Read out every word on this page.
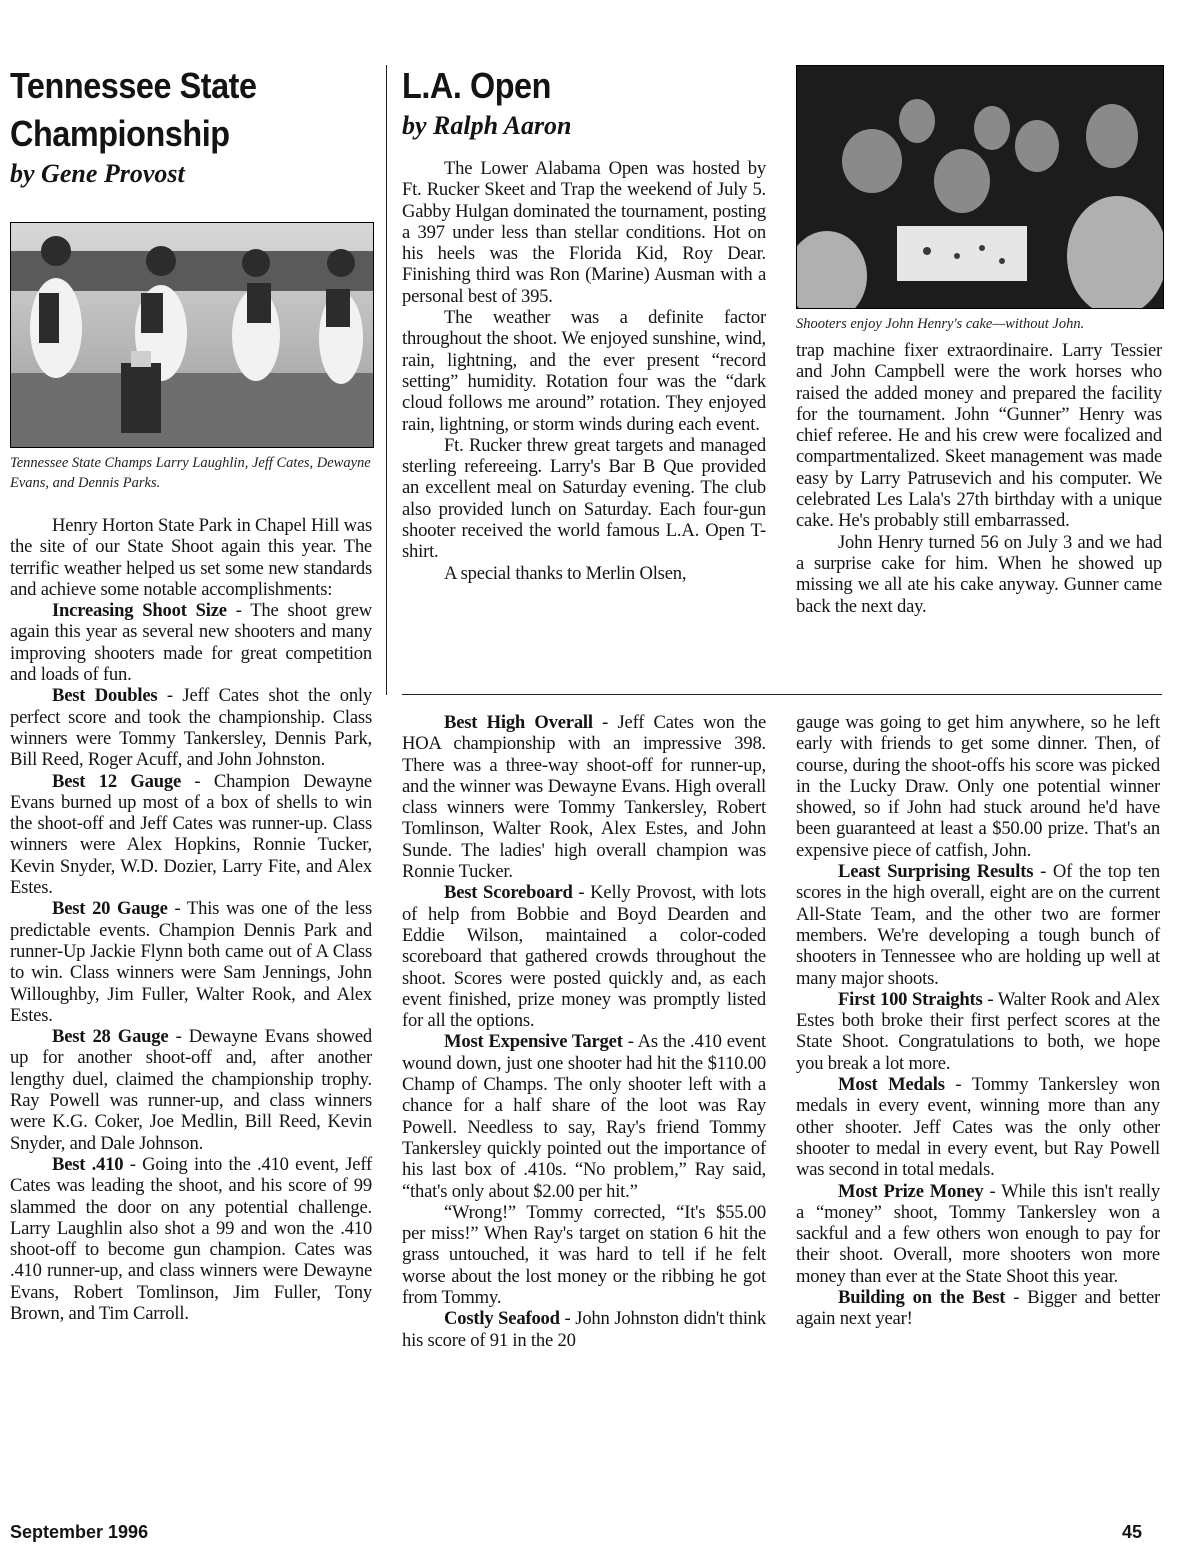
Tennessee State
Championship
by Gene Provost
Tennessee State Champs Larry Laughlin, Jeff Cates, Dewayne Evans, and Dennis Parks.

Henry Horton State Park in Chapel Hill was the site of our State Shoot again this year. The terrific weather helped us set some new standards and achieve some notable accomplishments:

Increasing Shoot Size - The shoot grew again this year as several new shooters and many improving shooters made for great competition and loads of fun.

Best Doubles - Jeff Cates shot the only perfect score and took the championship. Class winners were Tommy Tankersley, Dennis Park, Bill Reed, Roger Acuff, and John Johnston.

Best 12 Gauge - Champion Dewayne Evans burned up most of a box of shells to win the shoot-off and Jeff Cates was runner-up. Class winners were Alex Hopkins, Ronnie Tucker, Kevin Snyder, W.D. Dozier, Larry Fite, and Alex Estes.

Best 20 Gauge - This was one of the less predictable events. Champion Dennis Park and runner-Up Jackie Flynn both came out of A Class to win. Class winners were Sam Jennings, John Willoughby, Jim Fuller, Walter Rook, and Alex Estes.

Best 28 Gauge - Dewayne Evans showed up for another shoot-off and, after another lengthy duel, claimed the championship trophy. Ray Powell was runner-up, and class winners were K.G. Coker, Joe Medlin, Bill Reed, Kevin Snyder, and Dale Johnson.

Best .410 - Going into the .410 event, Jeff Cates was leading the shoot, and his score of 99 slammed the door on any potential challenge. Larry Laughlin also shot a 99 and won the .410 shoot-off to become gun champion. Cates was .410 runner-up, and class winners were Dewayne Evans, Robert Tomlinson, Jim Fuller, Tony Brown, and Tim Carroll.

L.A. Open
by Ralph Aaron

The Lower Alabama Open was hosted by Ft. Rucker Skeet and Trap the weekend of July 5. Gabby Hulgan dominated the tournament, posting a 397 under less than stellar conditions. Hot on his heels was the Florida Kid, Roy Dear. Finishing third was Ron (Marine) Ausman with a personal best of 395.

The weather was a definite factor throughout the shoot. We enjoyed sunshine, wind, rain, lightning, and the ever present “record setting” humidity. Rotation four was the “dark cloud follows me around” rotation. They enjoyed rain, lightning, or storm winds during each event.

Ft. Rucker threw great targets and managed sterling refereeing. Larry's Bar B Que provided an excellent meal on Saturday evening. The club also provided lunch on Saturday. Each four-gun shooter received the world famous L.A. Open T-shirt.

A special thanks to Merlin Olsen,

Shooters enjoy John Henry's cake—without John.

trap machine fixer extraordinaire. Larry Tessier and John Campbell were the work horses who raised the added money and prepared the facility for the tournament. John “Gunner” Henry was chief referee. He and his crew were focalized and compartmentalized. Skeet management was made easy by Larry Patrusevich and his computer. We celebrated Les Lala's 27th birthday with a unique cake. He's probably still embarrassed.

John Henry turned 56 on July 3 and we had a surprise cake for him. When he showed up missing we all ate his cake anyway. Gunner came back the next day.

Best High Overall - Jeff Cates won the HOA championship with an impressive 398. There was a three-way shoot-off for runner-up, and the winner was Dewayne Evans. High overall class winners were Tommy Tankersley, Robert Tomlinson, Walter Rook, Alex Estes, and John Sunde. The ladies' high overall champion was Ronnie Tucker.

Best Scoreboard - Kelly Provost, with lots of help from Bobbie and Boyd Dearden and Eddie Wilson, maintained a color-coded scoreboard that gathered crowds throughout the shoot. Scores were posted quickly and, as each event finished, prize money was promptly listed for all the options.

Most Expensive Target - As the .410 event wound down, just one shooter had hit the $110.00 Champ of Champs. The only shooter left with a chance for a half share of the loot was Ray Powell. Needless to say, Ray's friend Tommy Tankersley quickly pointed out the importance of his last box of .410s. “No problem,” Ray said, “that's only about $2.00 per hit.”

“Wrong!” Tommy corrected, “It's $55.00 per miss!” When Ray's target on station 6 hit the grass untouched, it was hard to tell if he felt worse about the lost money or the ribbing he got from Tommy.

Costly Seafood - John Johnston didn't think his score of 91 in the 20

gauge was going to get him anywhere, so he left early with friends to get some dinner. Then, of course, during the shoot-offs his score was picked in the Lucky Draw. Only one potential winner showed, so if John had stuck around he'd have been guaranteed at least a $50.00 prize. That's an expensive piece of catfish, John.

Least Surprising Results - Of the top ten scores in the high overall, eight are on the current All-State Team, and the other two are former members. We're developing a tough bunch of shooters in Tennessee who are holding up well at many major shoots.

First 100 Straights - Walter Rook and Alex Estes both broke their first perfect scores at the State Shoot. Congratulations to both, we hope you break a lot more.

Most Medals - Tommy Tankersley won medals in every event, winning more than any other shooter. Jeff Cates was the only other shooter to medal in every event, but Ray Powell was second in total medals.

Most Prize Money - While this isn't really a “money” shoot, Tommy Tankersley won a sackful and a few others won enough to pay for their shoot. Overall, more shooters won more money than ever at the State Shoot this year.

Building on the Best - Bigger and better again next year!

September 1996	45
